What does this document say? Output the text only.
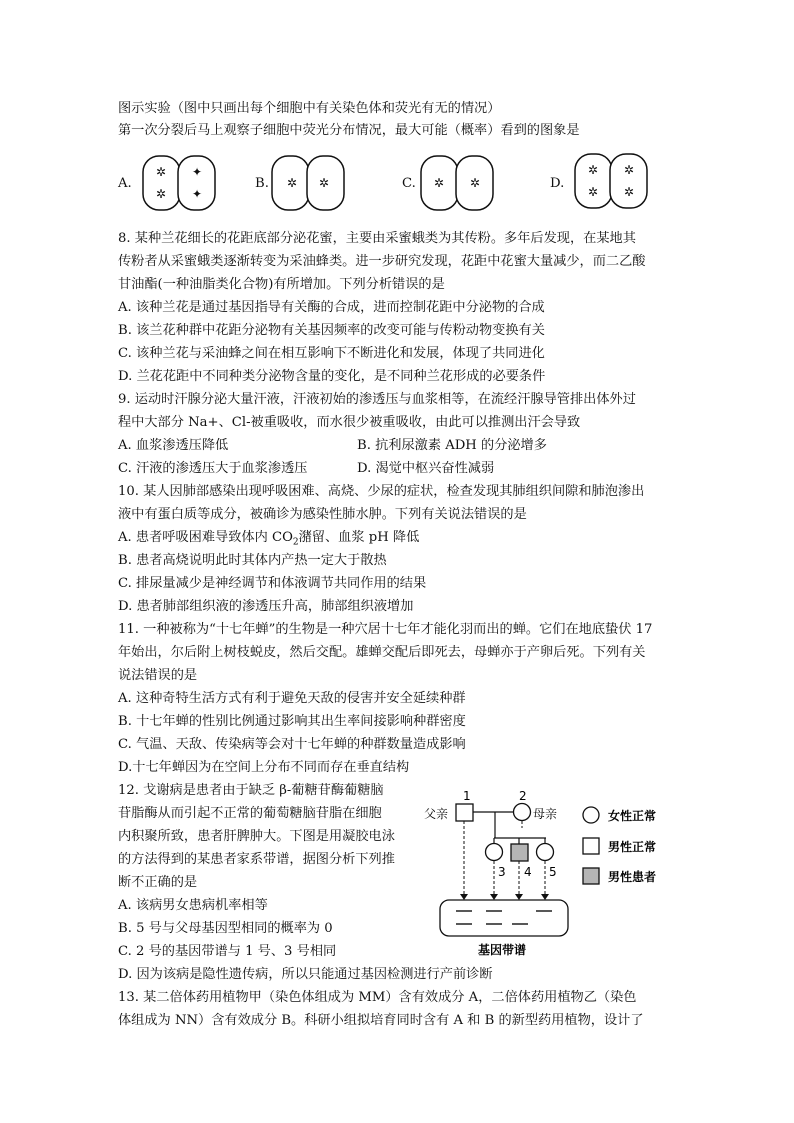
图示实验（图中只画出每个细胞中有关染色体和荧光有无的情况）
第一次分裂后马上观察子细胞中荧光分布情况，最大可能（概率）看到的图象是
A.
✲
✲
✦
✦
B. ✲ ✲	C. ✲ ✲	D.
✲
✲
✲
✲
8. 某种兰花细长的花距底部分泌花蜜，主要由采蜜蛾类为其传粉。多年后发现，在某地其
传粉者从采蜜蛾类逐渐转变为采油蜂类。进一步研究发现，花距中花蜜大量减少，而二乙酸
甘油酯(一种油脂类化合物)有所增加。下列分析错误的是
A. 该种兰花是通过基因指导有关酶的合成，进而控制花距中分泌物的合成
B. 该兰花种群中花距分泌物有关基因频率的改变可能与传粉动物变换有关
C. 该种兰花与采油蜂之间在相互影响下不断进化和发展，体现了共同进化
D. 兰花花距中不同种类分泌物含量的变化，是不同种兰花形成的必要条件
9. 运动时汗腺分泌大量汗液，汗液初始的渗透压与血浆相等，在流经汗腺导管排出体外过
程中大部分 Na+、Cl-被重吸收，而水很少被重吸收，由此可以推测出汗会导致
A. 血浆渗透压降低	B. 抗利尿激素 ADH 的分泌增多
C. 汗液的渗透压大于血浆渗透压	D. 渴觉中枢兴奋性减弱
10. 某人因肺部感染出现呼吸困难、高烧、少尿的症状，检查发现其肺组织间隙和肺泡渗出
液中有蛋白质等成分，被确诊为感染性肺水肿。下列有关说法错误的是
A. 患者呼吸困难导致体内 $CO_2$潴留、血浆 pH 降低
B. 患者高烧说明此时其体内产热一定大于散热
C. 排尿量减少是神经调节和体液调节共同作用的结果
D. 患者肺部组织液的渗透压升高，肺部组织液增加
11. 一种被称为“十七年蝉”的生物是一种穴居十七年才能化羽而出的蝉。它们在地底蛰伏 17
年始出，尔后附上树枝蜕皮，然后交配。雄蝉交配后即死去，母蝉亦于产卵后死。下列有关
说法错误的是
A. 这种奇特生活方式有利于避免天敌的侵害并安全延续种群
B. 十七年蝉的性别比例通过影响其出生率间接影响种群密度
C. 气温、天敌、传染病等会对十七年蝉的种群数量造成影响
D.十七年蝉因为在空间上分布不同而存在垂直结构
12. 戈谢病是患者由于缺乏 β-葡糖苷酶葡糖脑
苷脂酶从而引起不正常的葡萄糖脑苷脂在细胞
内积聚所致，患者肝脾肿大。下图是用凝胶电泳
的方法得到的某患者家系带谱，据图分析下列推
断不正确的是
A. 该病男女患病机率相等
B. 5 号与父母基因型相同的概率为 0
C. 2 号的基因带谱与 1 号、3 号相同
D. 因为该病是隐性遗传病，所以只能通过基因检测进行产前诊断
父亲
1	2
母亲
3 4 5
基因带谱
女性正常
男性正常
男性患者
13. 某二倍体药用植物甲（染色体组成为 MM）含有效成分 A，二倍体药用植物乙（染色
体组成为 NN）含有效成分 B。科研小组拟培育同时含有 A 和 B 的新型药用植物，设计了
